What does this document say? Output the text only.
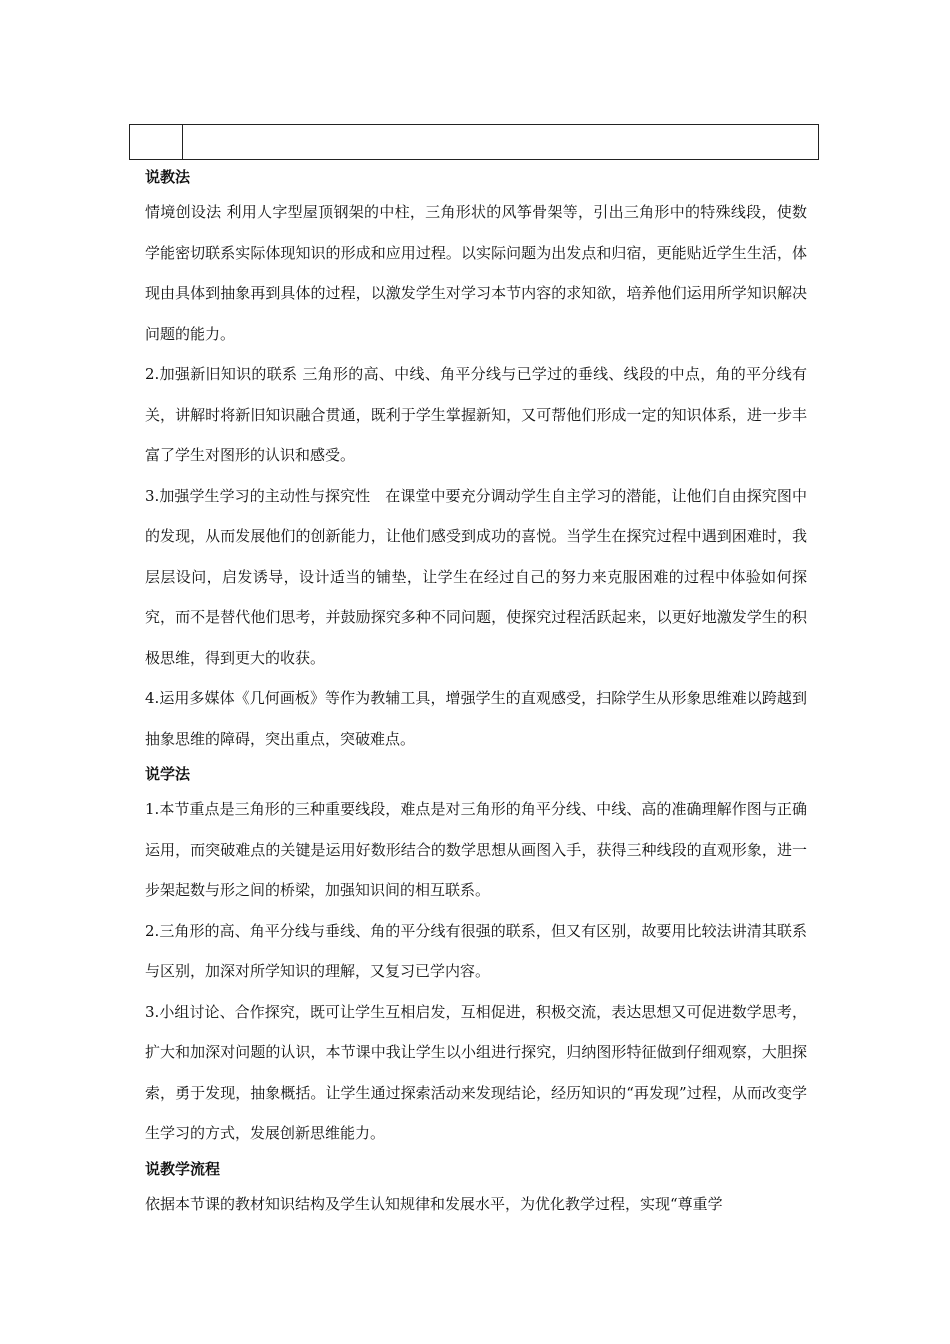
说教法

情境创设法 利用人字型屋顶钢架的中柱，三角形状的风筝骨架等，引出三角形中的特殊线段，使数学能密切联系实际体现知识的形成和应用过程。以实际问题为出发点和归宿，更能贴近学生生活，体现由具体到抽象再到具体的过程，以激发学生对学习本节内容的求知欲，培养他们运用所学知识解决问题的能力。

2.加强新旧知识的联系 三角形的高、中线、角平分线与已学过的垂线、线段的中点，角的平分线有关，讲解时将新旧知识融合贯通，既利于学生掌握新知，又可帮他们形成一定的知识体系，进一步丰富了学生对图形的认识和感受。

3.加强学生学习的主动性与探究性　在课堂中要充分调动学生自主学习的潜能，让他们自由探究图中的发现，从而发展他们的创新能力，让他们感受到成功的喜悦。当学生在探究过程中遇到困难时，我层层设问，启发诱导，设计适当的铺垫，让学生在经过自己的努力来克服困难的过程中体验如何探究，而不是替代他们思考，并鼓励探究多种不同问题，使探究过程活跃起来，以更好地激发学生的积极思维，得到更大的收获。

4.运用多媒体《几何画板》等作为教辅工具，增强学生的直观感受，扫除学生从形象思维难以跨越到抽象思维的障碍，突出重点，突破难点。

说学法

1.本节重点是三角形的三种重要线段，难点是对三角形的角平分线、中线、高的准确理解作图与正确运用，而突破难点的关键是运用好数形结合的数学思想从画图入手，获得三种线段的直观形象，进一步架起数与形之间的桥梁，加强知识间的相互联系。

2.三角形的高、角平分线与垂线、角的平分线有很强的联系，但又有区别，故要用比较法讲清其联系与区别，加深对所学知识的理解，又复习已学内容。

3.小组讨论、合作探究，既可让学生互相启发，互相促进，积极交流，表达思想又可促进数学思考，扩大和加深对问题的认识，本节课中我让学生以小组进行探究，归纳图形特征做到仔细观察，大胆探索，勇于发现，抽象概括。让学生通过探索活动来发现结论，经历知识的“再发现”过程，从而改变学生学习的方式，发展创新思维能力。

说教学流程

依据本节课的教材知识结构及学生认知规律和发展水平，为优化教学过程，实现“尊重学
